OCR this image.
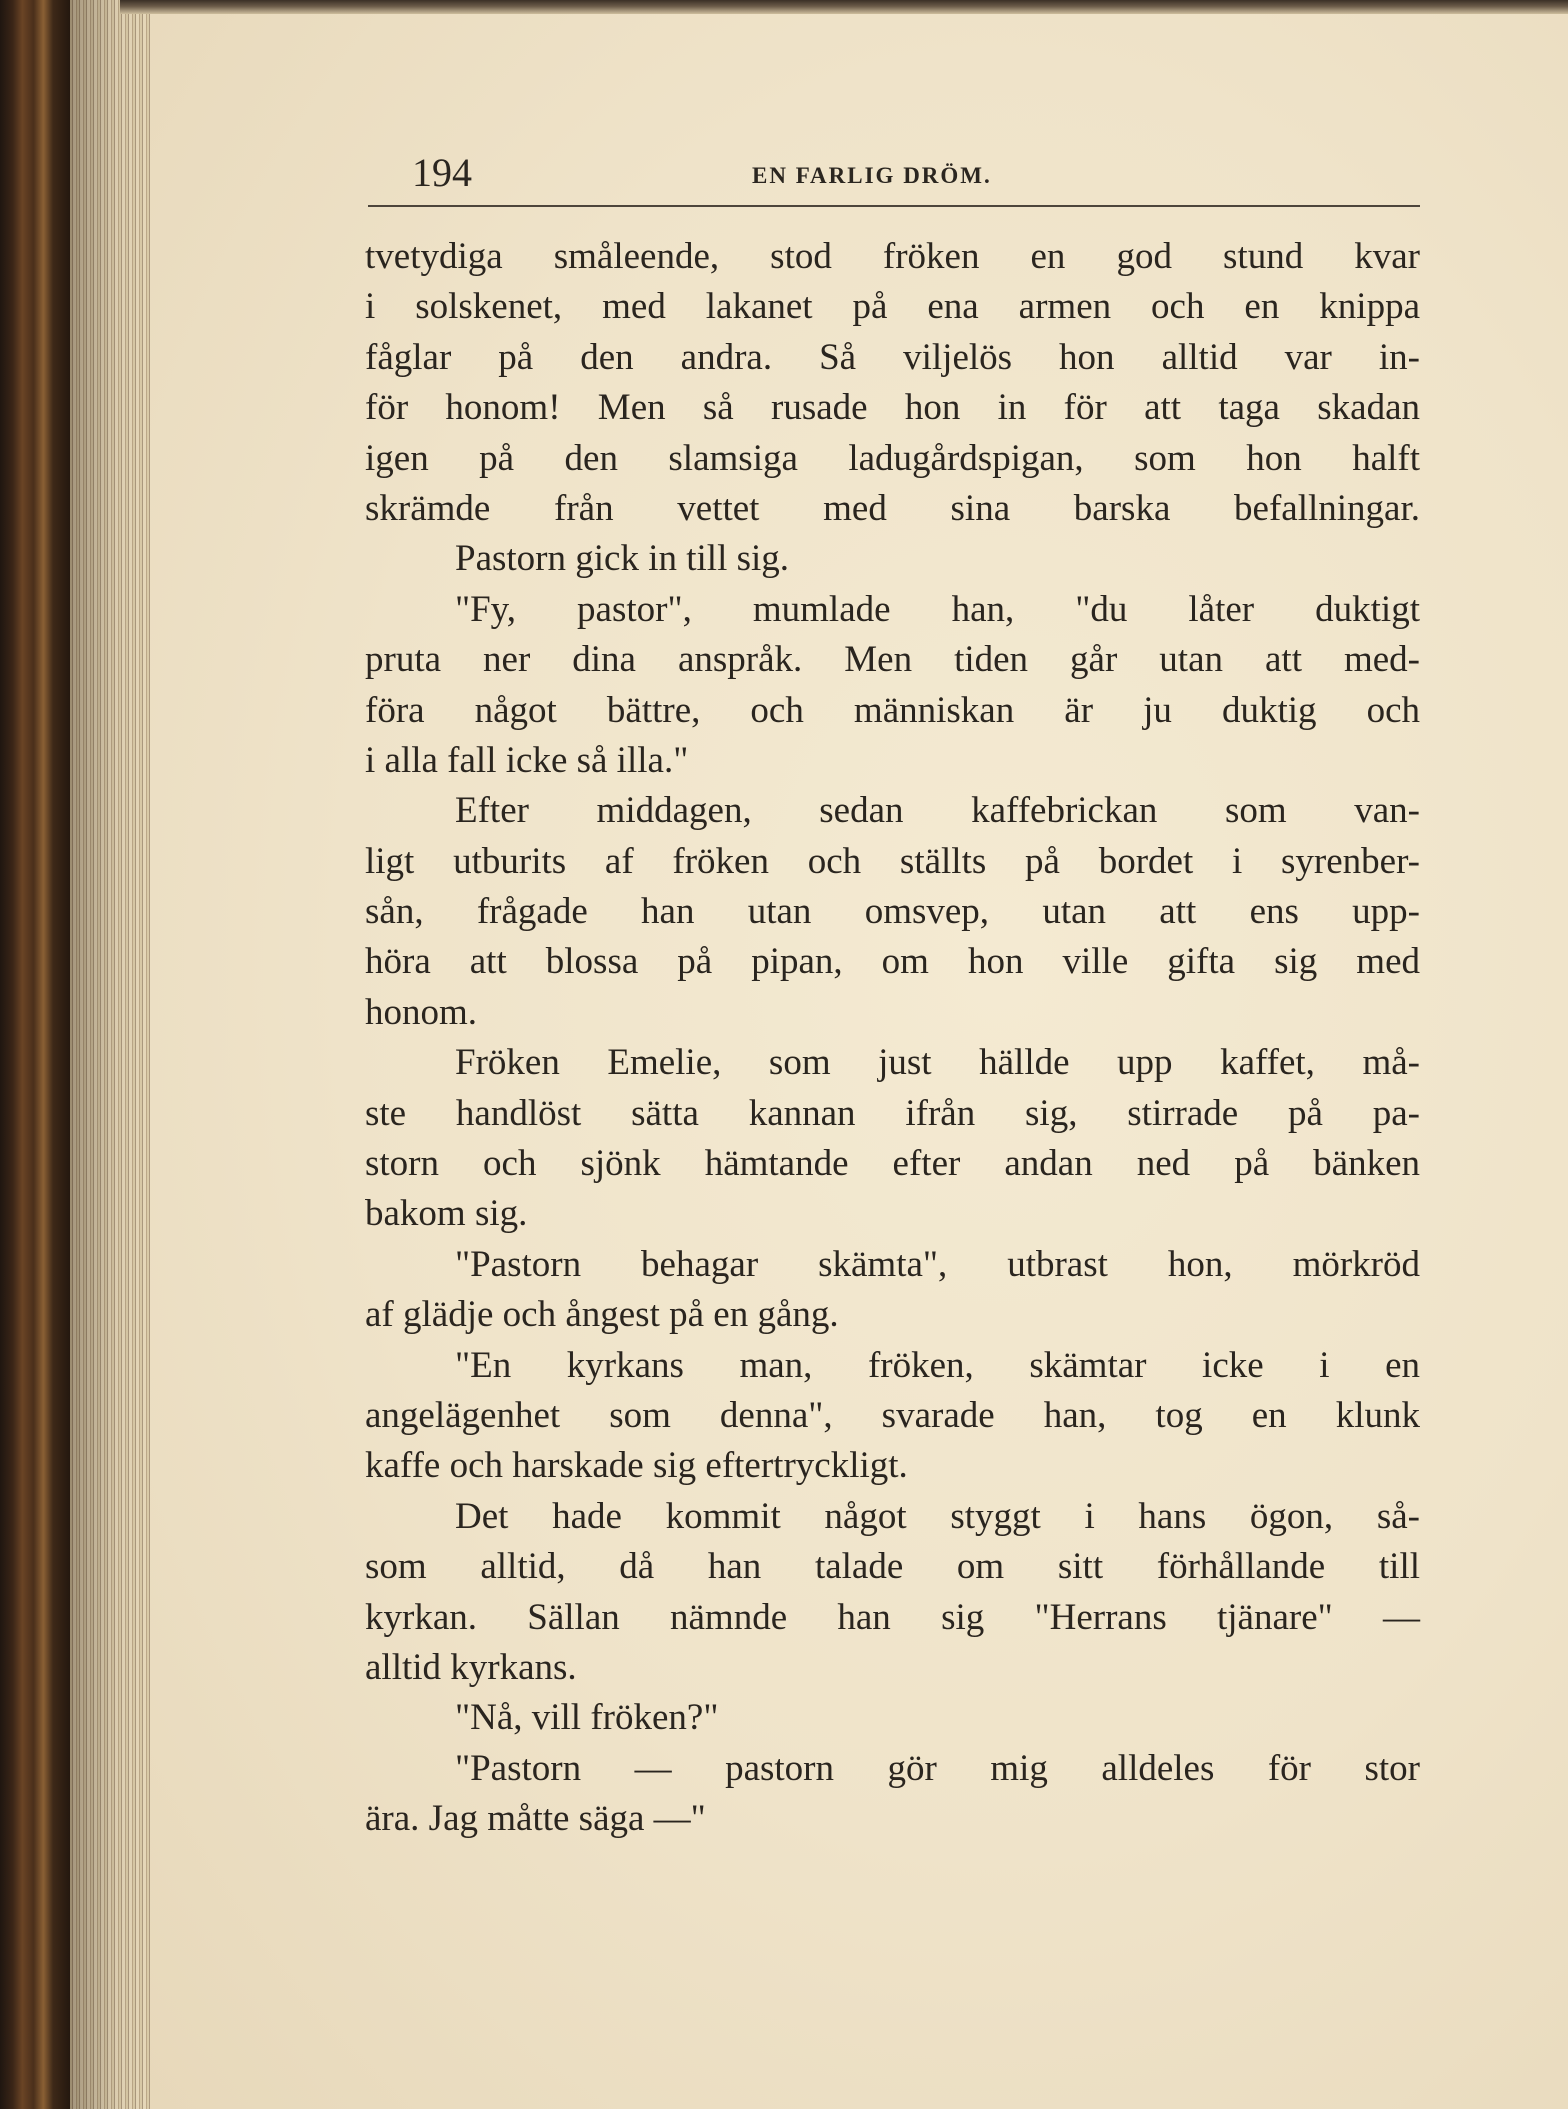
194	EN FARLIG DRÖM.
tvetydiga småleende, stod fröken en god stund kvar
i solskenet, med lakanet på ena armen och en knippa
fåglar på den andra. Så viljelös hon alltid var in-
för honom! Men så rusade hon in för att taga skadan
igen på den slamsiga ladugårdspigan, som hon halft
skrämde från vettet med sina barska befallningar.
Pastorn gick in till sig.
"Fy, pastor", mumlade han, "du låter duktigt
pruta ner dina anspråk. Men tiden går utan att med-
föra något bättre, och människan är ju duktig och
i alla fall icke så illa."
Efter middagen, sedan kaffebrickan som van-
ligt utburits af fröken och ställts på bordet i syrenber-
sån, frågade han utan omsvep, utan att ens upp-
höra att blossa på pipan, om hon ville gifta sig med
honom.
Fröken Emelie, som just hällde upp kaffet, må-
ste handlöst sätta kannan ifrån sig, stirrade på pa-
storn och sjönk hämtande efter andan ned på bänken
bakom sig.
"Pastorn behagar skämta", utbrast hon, mörkröd
af glädje och ångest på en gång.
"En kyrkans man, fröken, skämtar icke i en
angelägenhet som denna", svarade han, tog en klunk
kaffe och harskade sig eftertryckligt.
Det hade kommit något styggt i hans ögon, så-
som alltid, då han talade om sitt förhållande till
kyrkan. Sällan nämnde han sig "Herrans tjänare" —
alltid kyrkans.
"Nå, vill fröken?"
"Pastorn — pastorn gör mig alldeles för stor
ära. Jag måtte säga —"
